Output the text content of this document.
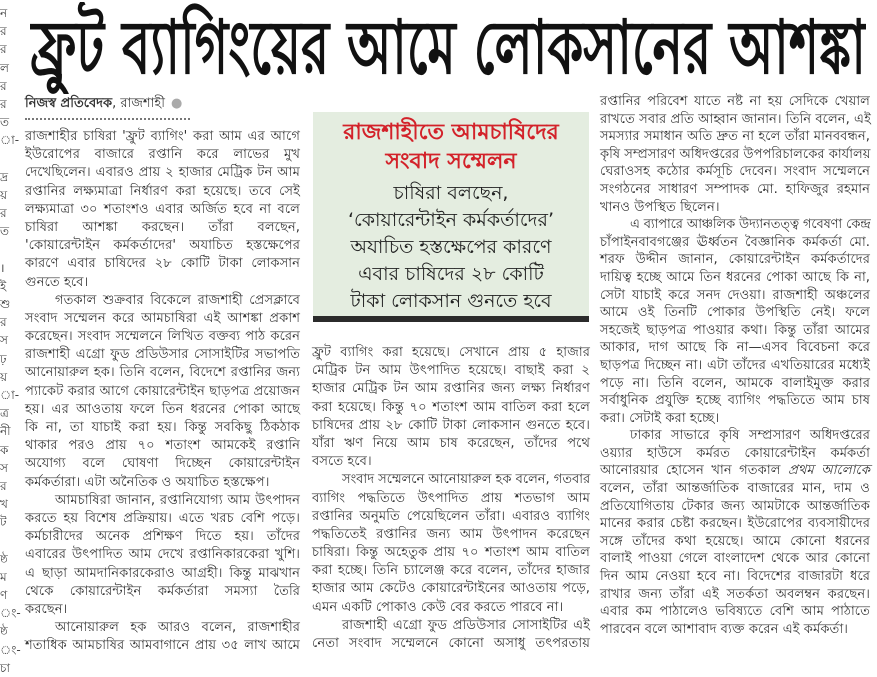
ন
র
র
ল
র
র
ত
া-
দ্র
য়
র
ত
।
ই
শু
র
স
ঢ়
য়
া-
ত্র
নী
ক
স
র
খ
ট
ষ্ঠ
ম
ণ
ং-
ষ্ঠ
ং-
চা
ফ্রুট ব্যাগিংয়ের আমে লোকসানের আশঙ্কা
নিজস্ব প্রতিবেদক, রাজশাহী ●
রাজশাহীতে আমচাষিদের
সংবাদ সম্মেলন
চাষিরা বলছেন,
‘কোয়ারেন্টাইন কর্মকর্তাদের’
অযাচিত হস্তক্ষেপের কারণে
এবার চাষিদের ২৮ কোটি
টাকা লোকসান গুনতে হবে
রাজশাহীর চাষিরা 'ফ্রুট ব্যাগিং' করা আম এর আগে
ইউরোপের বাজারে রপ্তানি করে লাভের মুখ
দেখেছিলেন। এবারও প্রায় ২ হাজার মেট্রিক টন আম
রপ্তানির লক্ষ্যমাত্রা নির্ধারণ করা হয়েছে। তবে সেই
লক্ষ্যমাত্রা ৩০ শতাংশও এবার অর্জিত হবে না বলে
চাষিরা আশঙ্কা করছেন। তাঁরা বলছেন,
'কোয়ারেন্টাইন কর্মকর্তাদের' অযাচিত হস্তক্ষেপের
কারণে এবার চাষিদের ২৮ কোটি টাকা লোকসান
গুনতে হবে।
গতকাল শুক্রবার বিকেলে রাজশাহী প্রেসক্লাবে
সংবাদ সম্মেলন করে আমচাষিরা এই আশঙ্কা প্রকাশ
করেছেন। সংবাদ সম্মেলনে লিখিত বক্তব্য পাঠ করেন
রাজশাহী এগ্রো ফুড প্রডিউসার সোসাইটির সভাপতি
আনোয়ারুল হক। তিনি বলেন, বিদেশে রপ্তানির জন্য
প্যাকেট করার আগে কোয়ারেন্টাইন ছাড়পত্র প্রয়োজন
হয়। এর আওতায় ফলে তিন ধরনের পোকা আছে
কি না, তা যাচাই করা হয়। কিন্তু সবকিছু ঠিকঠাক
থাকার পরও প্রায় ৭০ শতাংশ আমকেই রপ্তানি
অযোগ্য বলে ঘোষণা দিচ্ছেন কোয়ারেন্টাইন
কর্মকর্তারা। এটা অনৈতিক ও অযাচিত হস্তক্ষেপ।
আমচাষিরা জানান, রপ্তানিযোগ্য আম উৎপাদন
করতে হয় বিশেষ প্রক্রিয়ায়। এতে খরচ বেশি পড়ে।
কর্মচারীদের অনেক প্রশিক্ষণ দিতে হয়। তাঁদের
এবারের উৎপাদিত আম দেখে রপ্তানিকারকেরা খুশি।
এ ছাড়া আমদানিকারকেরাও আগ্রহী। কিন্তু মাঝখান
থেকে কোয়ারেন্টাইন কর্মকর্তারা সমস্যা তৈরি
করছেন।
আনোয়ারুল হক আরও বলেন, রাজশাহীর
শতাধিক আমচাষির আমবাগানে প্রায় ৩৫ লাখ আমে
ফ্রুট ব্যাগিং করা হয়েছে। সেখানে প্রায় ৫ হাজার
মেট্রিক টন আম উৎপাদিত হয়েছে। বাছাই করা ২
হাজার মেট্রিক টন আম রপ্তানির জন্য লক্ষ্য নির্ধারণ
করা হয়েছে। কিন্তু ৭০ শতাংশ আম বাতিল করা হলে
চাষিদের প্রায় ২৮ কোটি টাকা লোকসান গুনতে হবে।
যাঁরা ঋণ নিয়ে আম চাষ করেছেন, তাঁদের পথে
বসতে হবে।
সংবাদ সম্মেলনে আনোয়ারুল হক বলেন, গতবার
ব্যাগিং পদ্ধতিতে উৎপাদিত প্রায় শতভাগ আম
রপ্তানির অনুমতি পেয়েছিলেন তাঁরা। এবারও ব্যাগিং
পদ্ধতিতেই রপ্তানির জন্য আম উৎপাদন করেছেন
চাষিরা। কিন্তু অহেতুক প্রায় ৭০ শতাংশ আম বাতিল
করা হচ্ছে। তিনি চ্যালেঞ্জ করে বলেন, তাঁদের হাজার
হাজার আম কেটেও কোয়ারেন্টাইনের আওতায় পড়ে,
এমন একটি পোকাও কেউ বের করতে পারবে না।
রাজশাহী এগ্রো ফুড প্রডিউসার সোসাইটির এই
নেতা সংবাদ সম্মেলনে কোনো অসাধু তৎপরতায়
রপ্তানির পরিবেশ যাতে নষ্ট না হয় সেদিকে খেয়াল
রাখতে সবার প্রতি আহ্বান জানান। তিনি বলেন, এই
সমস্যার সমাধান অতি দ্রুত না হলে তাঁরা মানববন্ধন,
কৃষি সম্প্রসারণ অধিদপ্তরের উপপরিচালকের কার্যালয়
ঘেরাওসহ কঠোর কর্মসূচি দেবেন। সংবাদ সম্মেলনে
সংগঠনের সাধারণ সম্পাদক মো. হাফিজুর রহমান
খানও উপস্থিত ছিলেন।
এ ব্যাপারে আঞ্চলিক উদ্যানতত্ত্ব গবেষণা কেন্দ্র
চাঁপাইনবাবগঞ্জের ঊর্ধ্বতন বৈজ্ঞানিক কর্মকর্তা মো.
শরফ উদ্দীন জানান, কোয়ারেন্টাইন কর্মকর্তাদের
দায়িত্ব হচ্ছে আমে তিন ধরনের পোকা আছে কি না,
সেটা যাচাই করে সনদ দেওয়া। রাজশাহী অঞ্চলের
আমে ওই তিনটি পোকার উপস্থিতি নেই। ফলে
সহজেই ছাড়পত্র পাওয়ার কথা। কিন্তু তাঁরা আমের
আকার, দাগ আছে কি না—এসব বিবেচনা করে
ছাড়পত্র দিচ্ছেন না। এটা তাঁদের এখতিয়ারের মধ্যেই
পড়ে না। তিনি বলেন, আমকে বালাইমুক্ত করার
সর্বাধুনিক প্রযুক্তি হচ্ছে ব্যাগিং পদ্ধতিতে আম চাষ
করা। সেটাই করা হচ্ছে।
ঢাকার সাভারে কৃষি সম্প্রসারণ অধিদপ্তরের
ওয়্যার হাউসে কর্মরত কোয়ারেন্টাইন কর্মকর্তা
আনোরয়ার হোসেন খান গতকাল প্রথম আলোকে
বলেন, তাঁরা আন্তর্জাতিক বাজারের মান, দাম ও
প্রতিযোগিতায় টেকার জন্য আমটাকে আন্তর্জাতিক
মানের করার চেষ্টা করছেন। ইউরোপের ব্যবসায়ীদের
সঙ্গে তাঁদের কথা হয়েছে। আমে কোনো ধরনের
বালাই পাওয়া গেলে বাংলাদেশ থেকে আর কোনো
দিন আম নেওয়া হবে না। বিদেশের বাজারটা ধরে
রাখার জন্য তাঁরা এই সতর্কতা অবলম্বন করছেন।
এবার কম পাঠালেও ভবিষ্যতে বেশি আম পাঠাতে
পারবেন বলে আশাবাদ ব্যক্ত করেন এই কর্মকর্তা।
